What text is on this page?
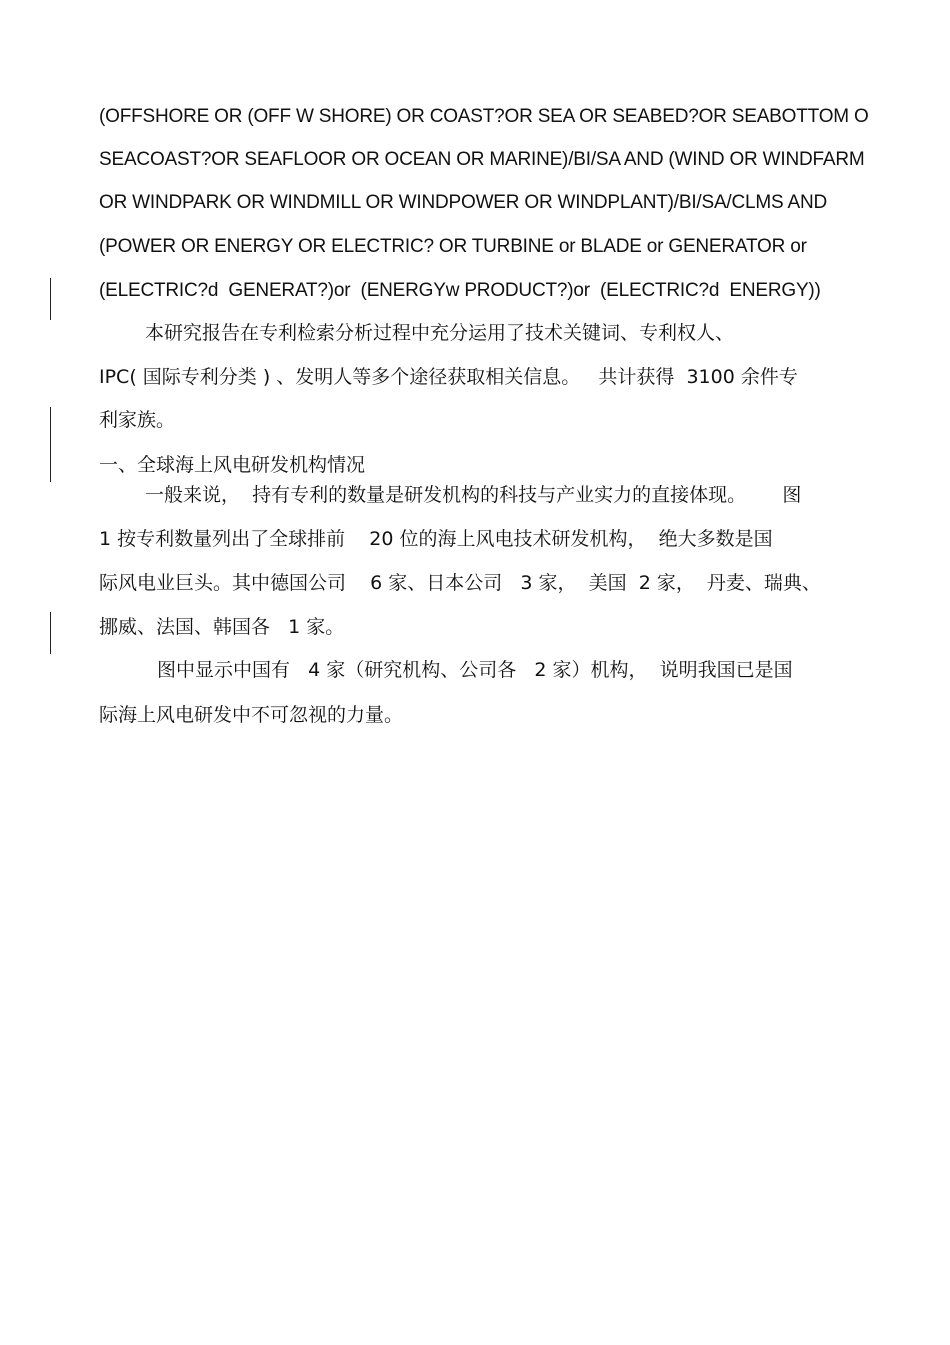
(OFFSHORE OR (OFF W SHORE) OR COAST?OR SEA OR SEABED?OR SEABOTTOM O
SEACOAST?OR SEAFLOOR OR OCEAN OR MARINE)/BI/SA AND (WIND OR WINDFARM
OR WINDPARK OR WINDMILL OR WINDPOWER OR WINDPLANT)/BI/SA/CLMS AND
(POWER OR ENERGY OR ELECTRIC? OR TURBINE or BLADE or GENERATOR or
(ELECTRIC?d  GENERAT?)or  (ENERGYw PRODUCT?)or  (ELECTRIC?d  ENERGY))
本研究报告在专利检索分析过程中充分运用了技术关键词、专利权人、
IPC( 国际专利分类 ) 、发明人等多个途径获取相关信息。   共计获得  3100 余件专
利家族。
一、全球海上风电研发机构情况
一般来说，  持有专利的数量是研发机构的科技与产业实力的直接体现。      图
1 按专利数量列出了全球排前    20 位的海上风电技术研发机构，  绝大多数是国
际风电业巨头。其中德国公司    6 家、日本公司   3 家，  美国  2 家，  丹麦、瑞典、
挪威、法国、韩国各   1 家。
图中显示中国有   4 家（研究机构、公司各   2 家）机构，  说明我国已是国
际海上风电研发中不可忽视的力量。
